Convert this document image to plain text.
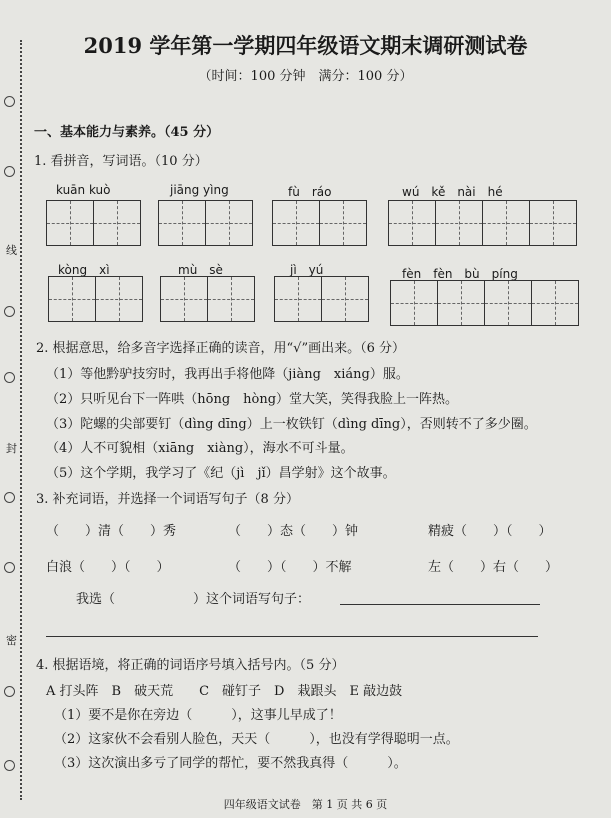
线
封
密
2019 学年第一学期四年级语文期末调研测试卷
（时间：100 分钟　满分：100 分）
一、基本能力与素养。（45 分）
1. 看拼音，写词语。（10 分）
kuān kuò	jiāng yìng	fù　ráo	wú　kě　nài　hé
kòng　xì	mù　sè	jì　yú	fèn　fèn　bù　píng
2. 根据意思，给多音字选择正确的读音，用“√”画出来。（6 分）
（1）等他黔驴技穷时，我再出手将他降（jiàng　xiáng）服。
（2）只听见台下一阵哄（hōng　hòng）堂大笑，笑得我脸上一阵热。
（3）陀螺的尖部要钉（dìng dīng）上一枚铁钉（dìng dīng），否则转不了多少圈。
（4）人不可貌相（xiāng　xiàng），海水不可斗量。
（5）这个学期，我学习了《纪（jì　jǐ）昌学射》这个故事。
3. 补充词语，并选择一个词语写句子（8 分）
（　　）清（　　）秀	（　　）态（　　）钟	精疲（　　）（　　）
白浪（　　）（　　）	（　　）（　　）不解	左（　　）右（　　）
我选（　　　　　　）这个词语写句子：
4. 根据语境，将正确的词语序号填入括号内。（5 分）
A 打头阵　B　破天荒　　C　碰钉子　D　栽跟头　E 敲边鼓
（1）要不是你在旁边（　　　），这事儿早成了！
（2）这家伙不会看别人脸色，天天（　　　），也没有学得聪明一点。
（3）这次演出多亏了同学的帮忙，要不然我真得（　　　）。
四年级语文试卷　第 1 页 共 6 页
